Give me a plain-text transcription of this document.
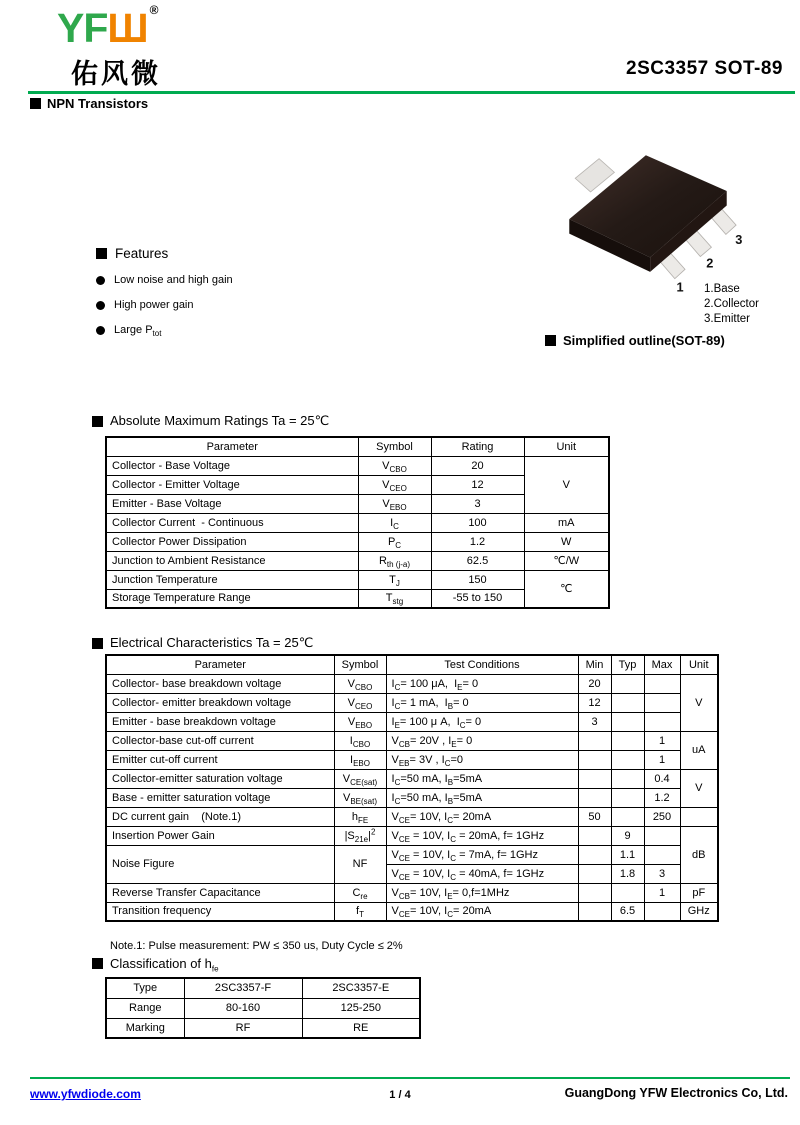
YFШ ®
佑风微	2SC3357 SOT-89
NPN Transistors
Features
Low noise and high gain
High power gain
Large $P_{tot}$
1
2
3
1.Base
2.Collector
3.Emitter
Simplified outline(SOT-89)
Absolute Maximum Ratings Ta = 25℃
Parameter	Symbol	Rating	Unit
Collector - Base Voltage	$V_{CBO}$	20	V
Collector - Emitter Voltage	$V_{CEO}$	12	
Emitter - Base Voltage	$V_{EBO}$	3	
Collector Current  - Continuous	$I_C$	100	mA
Collector Power Dissipation	$P_C$	1.2	W
Junction to Ambient Resistance	$R_{th (j-a)}$	62.5	℃/W
Junction Temperature	$T_J$	150	℃
Storage Temperature Range	$T_{stg}$	-55 to 150	
Electrical Characteristics Ta = 25℃
Parameter	Symbol	Test Conditions	Min	Typ	Max	Unit
Collector- base breakdown voltage	$V_{CBO}$	$I_C= 100$ μA,  $I_E= 0$	20			V
Collector- emitter breakdown voltage	$V_{CEO}$	$I_C= 1$ mA,  $I_B= 0$	12			
Emitter - base breakdown voltage	$V_{EBO}$	$I_E= 100$ μ A,  $I_C= 0$	3			
Collector-base cut-off current	$I_{CBO}$	$V_{CB}= 20V$ , $I_E= 0$			1	uA
Emitter cut-off current	$I_{EBO}$	$V_{EB}= 3V$ , $I_C=0$			1	
Collector-emitter saturation voltage	$V_{CE(sat)}$	$I_C=50$ mA, $I_B=5mA$			0.4	V
Base - emitter saturation voltage	$V_{BE(sat)}$	$I_C=50$ mA, $I_B=5mA$			1.2	
DC current gain    (Note.1)	$h_{FE}$	$V_{CE}= 10V$, $I_C= 20mA$	50		250	
Insertion Power Gain	$|S_{21e}|^2$	$V_{CE} = 10V$, $I_C = 20mA$, f= 1GHz		9		dB
Noise Figure	NF	$V_{CE} = 10V$, $I_C = 7mA$, f= 1GHz		1.1		
		$V_{CE} = 10V$, $I_C = 40mA$, f= 1GHz		1.8	3	
Reverse Transfer Capacitance	$C_{re}$	$V_{CB}= 10V$, $I_E= 0,f=1MHz$			1	pF
Transition frequency	$f_T$	$V_{CE}= 10V$, $I_C= 20mA$		6.5		GHz
Note.1: Pulse measurement: PW ≤ 350 us, Duty Cycle ≤ 2%
Classification of $h_{fe}$
Type	2SC3357-F	2SC3357-E
Range	80-160	125-250
Marking	RF	RE
www.yfwdiode.com	1 / 4	GuangDong YFW Electronics Co, Ltd.
